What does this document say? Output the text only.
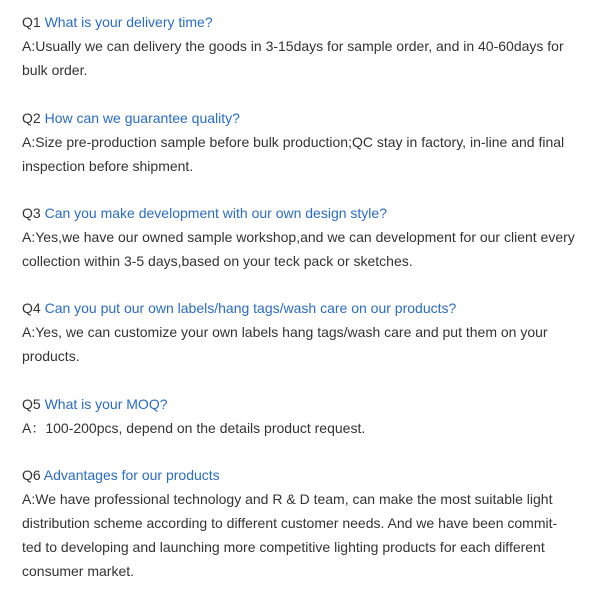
Q1 What is your delivery time?

A:Usually we can delivery the goods in 3-15days for sample order, and in 40-60days for

bulk order.

Q2 How can we guarantee quality?

A:Size pre-production sample before bulk production;QC stay in factory, in-line and final

inspection before shipment.

Q3 Can you make development with our own design style?

A:Yes,we have our owned sample workshop,and we can development for our client every

collection within 3-5 days,based on your teck pack or sketches.

Q4 Can you put our own labels/hang tags/wash care on our products?

A:Yes, we can customize your own labels hang tags/wash care and put them on your

products.

Q5 What is your MOQ?

A：100-200pcs, depend on the details product request.

Q6 Advantages for our products

A:We have professional technology and R & D team, can make the most suitable light

distribution scheme according to different customer needs. And we have been commit-

ted to developing and launching more competitive lighting products for each different

consumer market.
